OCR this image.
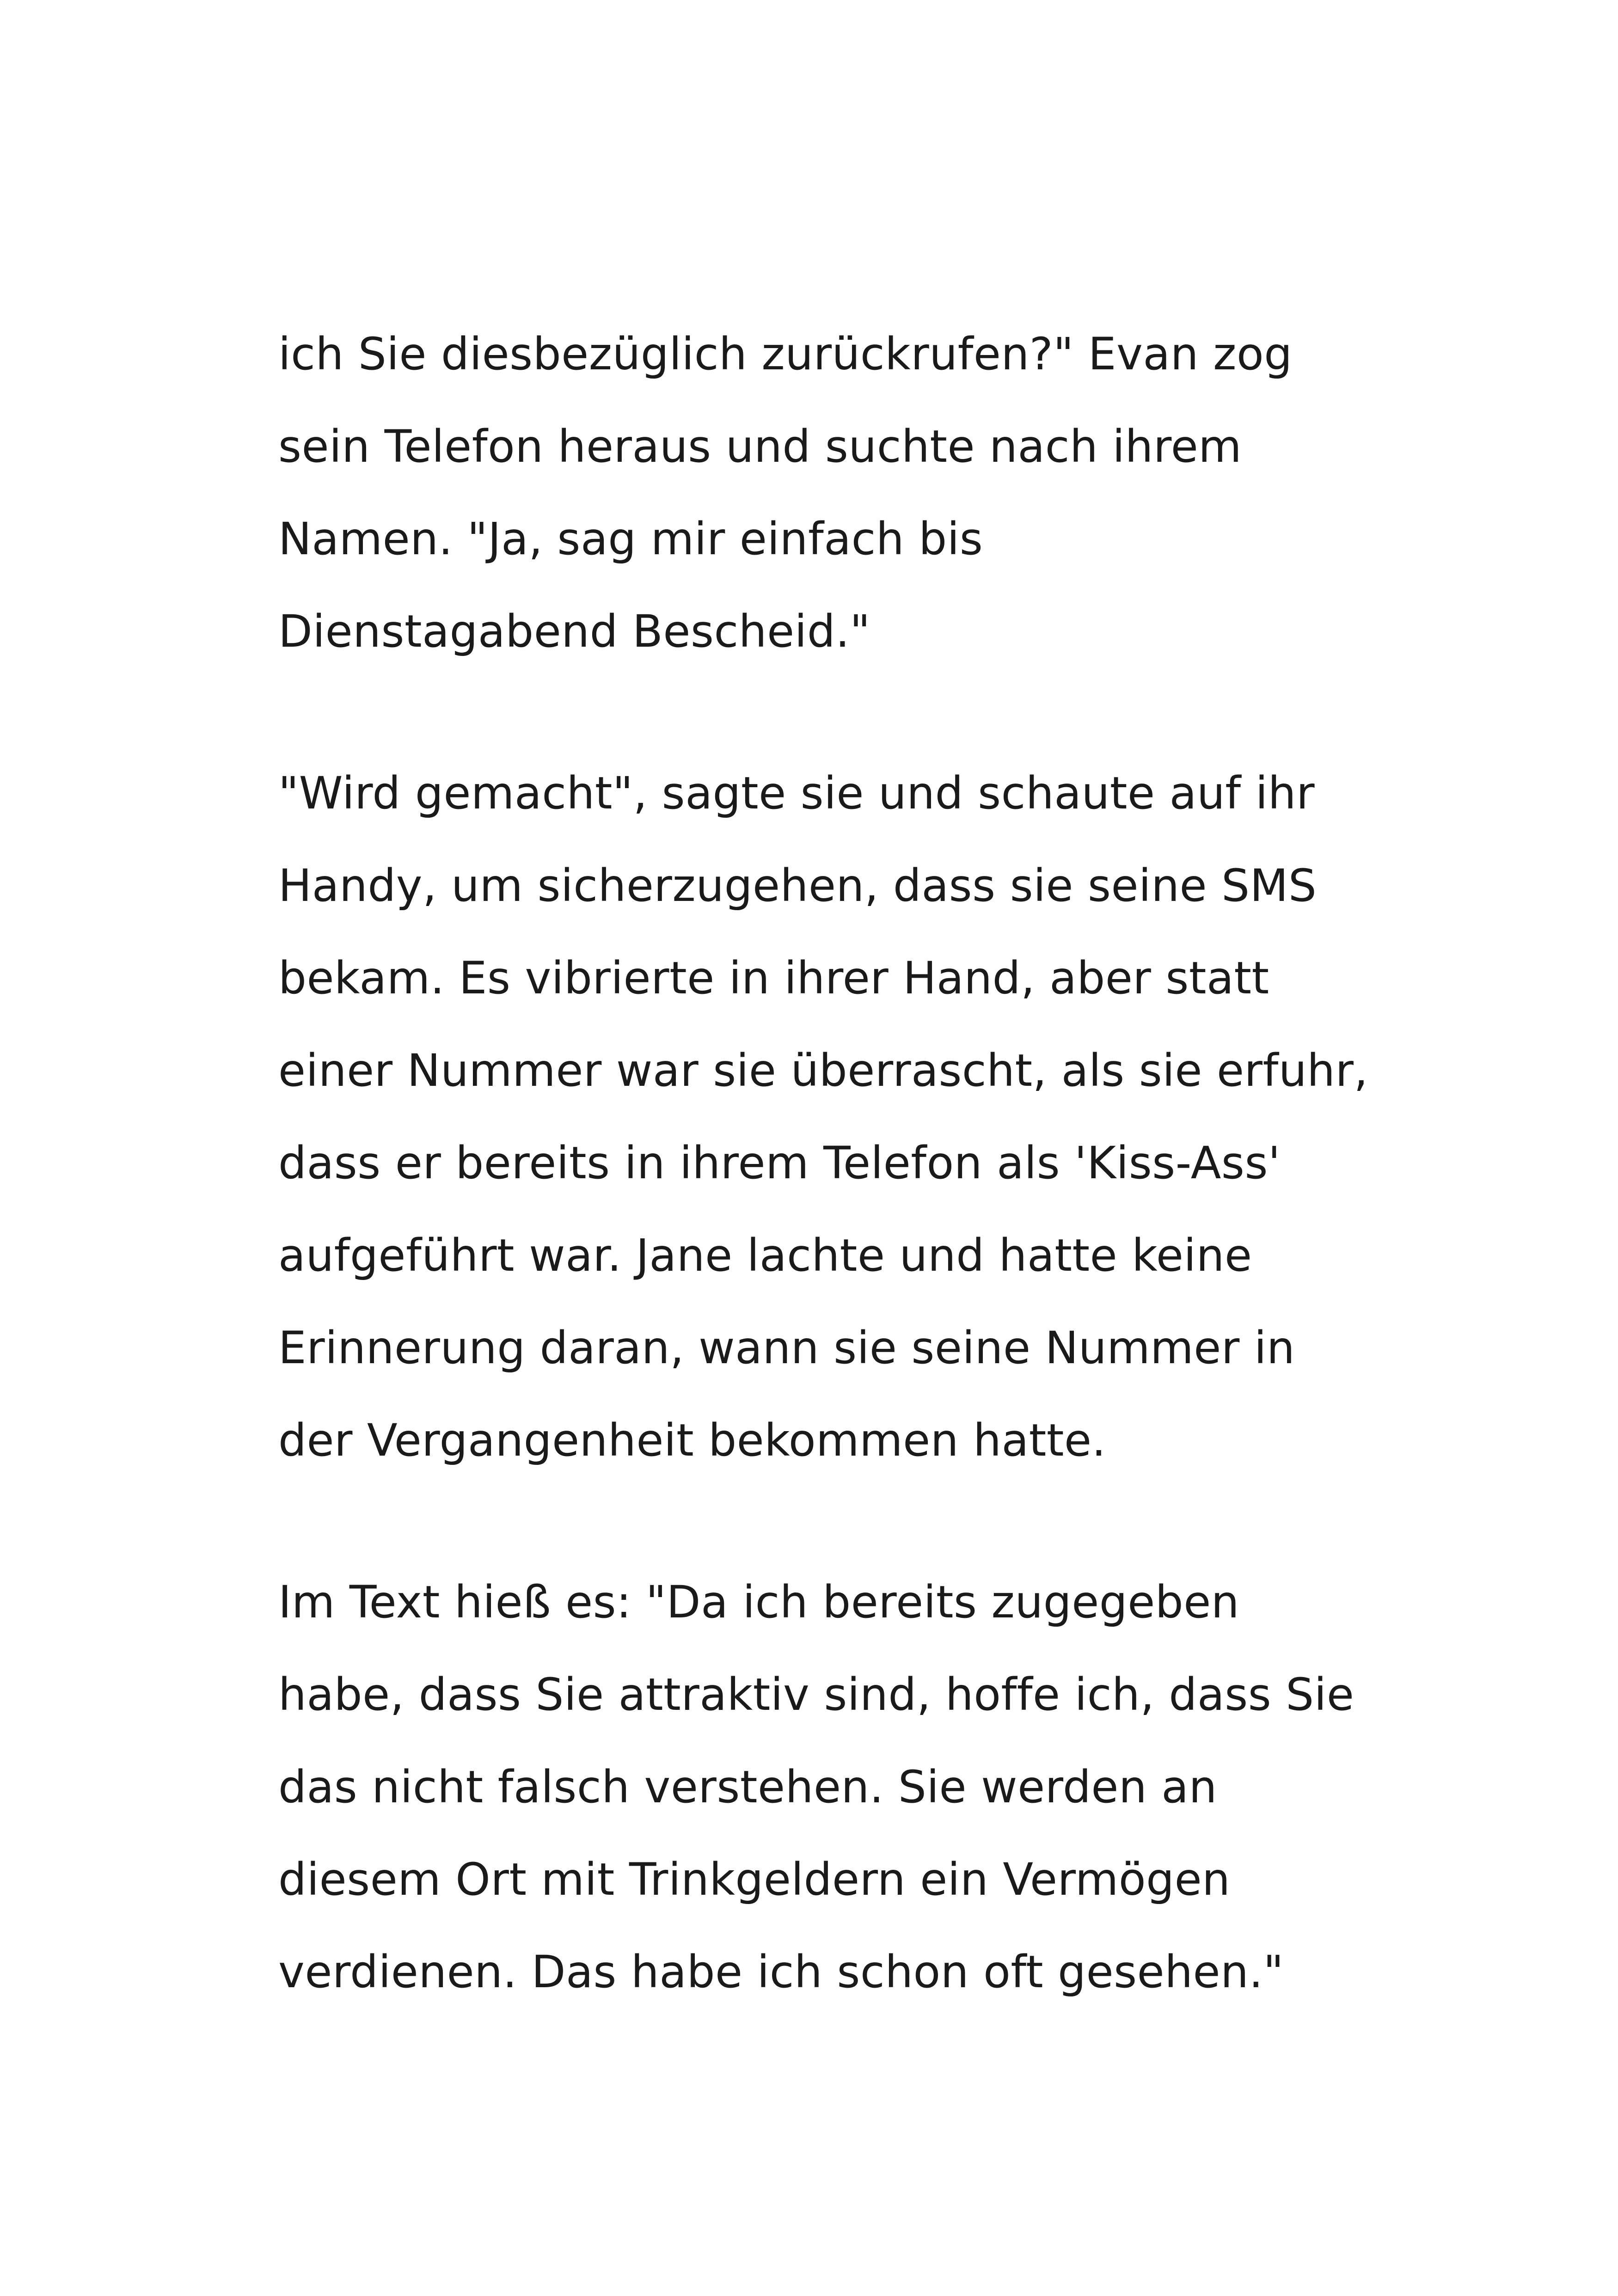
ich Sie diesbezüglich zurückrufen?" Evan zog
sein Telefon heraus und suchte nach ihrem
Namen. "Ja, sag mir einfach bis
Dienstagabend Bescheid."

"Wird gemacht", sagte sie und schaute auf ihr
Handy, um sicherzugehen, dass sie seine SMS
bekam. Es vibrierte in ihrer Hand, aber statt
einer Nummer war sie überrascht, als sie erfuhr,
dass er bereits in ihrem Telefon als 'Kiss-Ass'
aufgeführt war. Jane lachte und hatte keine
Erinnerung daran, wann sie seine Nummer in
der Vergangenheit bekommen hatte.

Im Text hieß es: "Da ich bereits zugegeben
habe, dass Sie attraktiv sind, hoffe ich, dass Sie
das nicht falsch verstehen. Sie werden an
diesem Ort mit Trinkgeldern ein Vermögen
verdienen. Das habe ich schon oft gesehen."
